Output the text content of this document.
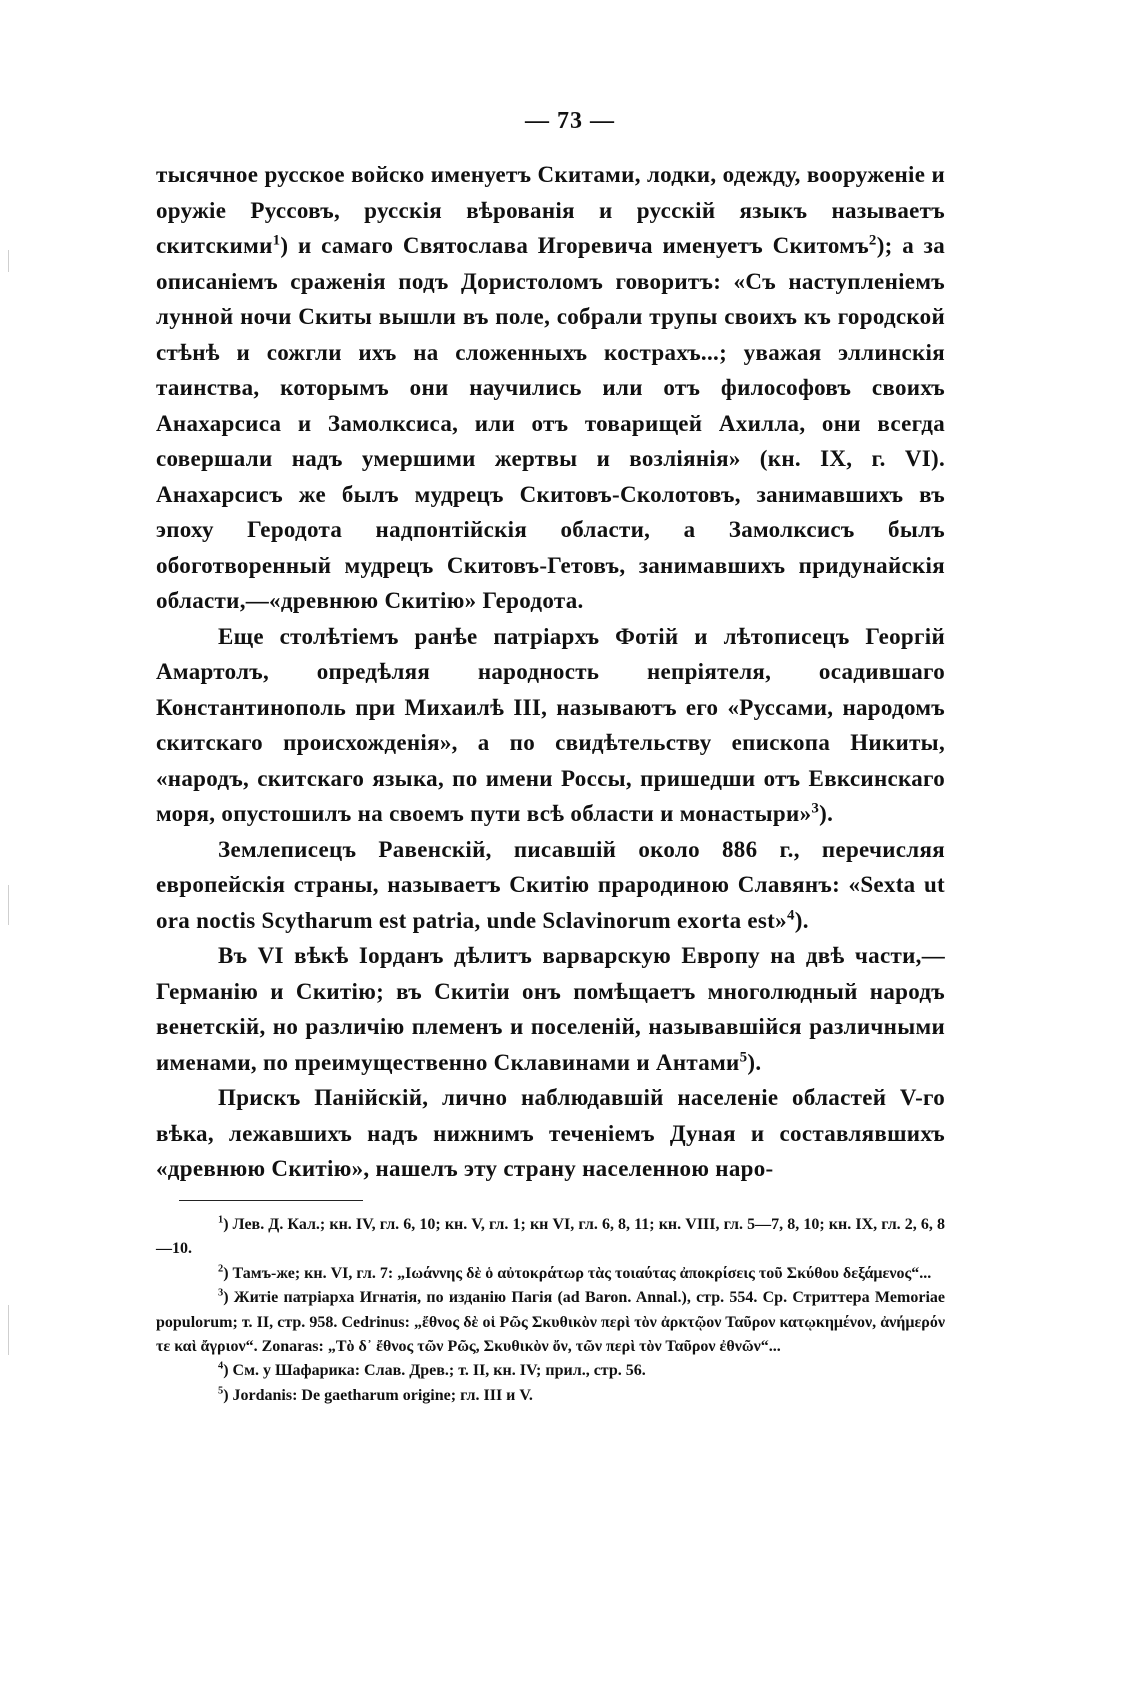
— 73 —

тысячное русское войско именуетъ Скитами, лодки, одежду, вооруженіе и оружіе Руссовъ, русскія вѣрованія и русскій языкъ называетъ скитскими$^1$) и самаго Святослава Игоревича именуетъ Скитомъ$^2$); а за описаніемъ сраженія подъ Дористоломъ говоритъ: «Съ наступленіемъ лунной ночи Скиты вышли въ поле, собрали трупы своихъ къ городской стѣнѣ и сожгли ихъ на сложенныхъ кострахъ...; уважая эллинскія таинства, которымъ они научились или отъ философовъ своихъ Анахарсиса и Замолксиса, или отъ товарищей Ахилла, они всегда совершали надъ умершими жертвы и возліянія» (кн. IX, г. VI). Анахарсисъ же былъ мудрецъ Скитовъ-Сколотовъ, занимавшихъ въ эпоху Геродота надпонтійскія области, а Замолксисъ былъ обоготворенный мудрецъ Скитовъ-Гетовъ, занимавшихъ придунайскія области,—«древнюю Скитію» Геродота.

Еще столѣтіемъ ранѣе патріархъ Фотій и лѣтописецъ Георгій Амартолъ, опредѣляя народность непріятеля, осадившаго Константинополь при Михаилѣ III, называютъ его «Руссами, народомъ скитскаго происхожденія», а по свидѣтельству епископа Никиты, «народъ, скитскаго языка, по имени Россы, пришедши отъ Евксинскаго моря, опустошилъ на своемъ пути всѣ области и монастыри»$^3$).

Землеписецъ Равенскій, писавшій около 886 г., перечисляя европейскія страны, называетъ Скитію прародиною Славянъ: «Sexta ut ora noctis Scytharum est patria, unde Sclavinorum exorta est»$^4$).

Въ VI вѣкѣ Іорданъ дѣлитъ варварскую Европу на двѣ части,—Германію и Скитію; въ Скитіи онъ помѣщаетъ многолюдный народъ венетскій, но различію племенъ и поселеній, называвшійся различными именами, по преимущественно Склавинами и Антами$^5$).

Прискъ Панійскій, лично наблюдавшій населеніе областей V-го вѣка, лежавшихъ надъ нижнимъ теченіемъ Дуная и составлявшихъ «древнюю Скитію», нашелъ эту страну населенною наро-

$^1$) Лев. Д. Кал.; кн. IV, гл. 6, 10; кн. V, гл. 1; кн VI, гл. 6, 8, 11; кн. VIII, гл. 5—7, 8, 10; кн. IX, гл. 2, 6, 8—10.

$^2$) Тамъ-же; кн. VI, гл. 7: „Ιωάννης δὲ ὁ αὐτοκράτωρ τὰς τοιαύτας ἀποκρίσεις τοῦ Σκύθου δεξάμενος“...

$^3$) Житіе патріарха Игнатія, по изданію Пагія (ad Baron. Annal.), стр. 554. Ср. Стриттера Memoriae populorum; т. II, стр. 958. Cedrinus: „ἔθνος δὲ οἱ Ρῶς Σκυθικὸν περὶ τὸν ἀρκτῷον Ταῦρον κατῳκημένον, ἀνήμερόν τε καὶ ἄγριον“. Zonaras: „Τὸ δ᾽ ἔθνος τῶν Ρῶς, Σκυθικὸν ὄν, τῶν περὶ τὸν Ταῦρον ἐθνῶν“...

$^4$) См. у Шафарика: Слав. Древ.; т. II, кн. IV; прил., стр. 56.

$^5$) Jordanis: De gaetharum origine; гл. III и V.
